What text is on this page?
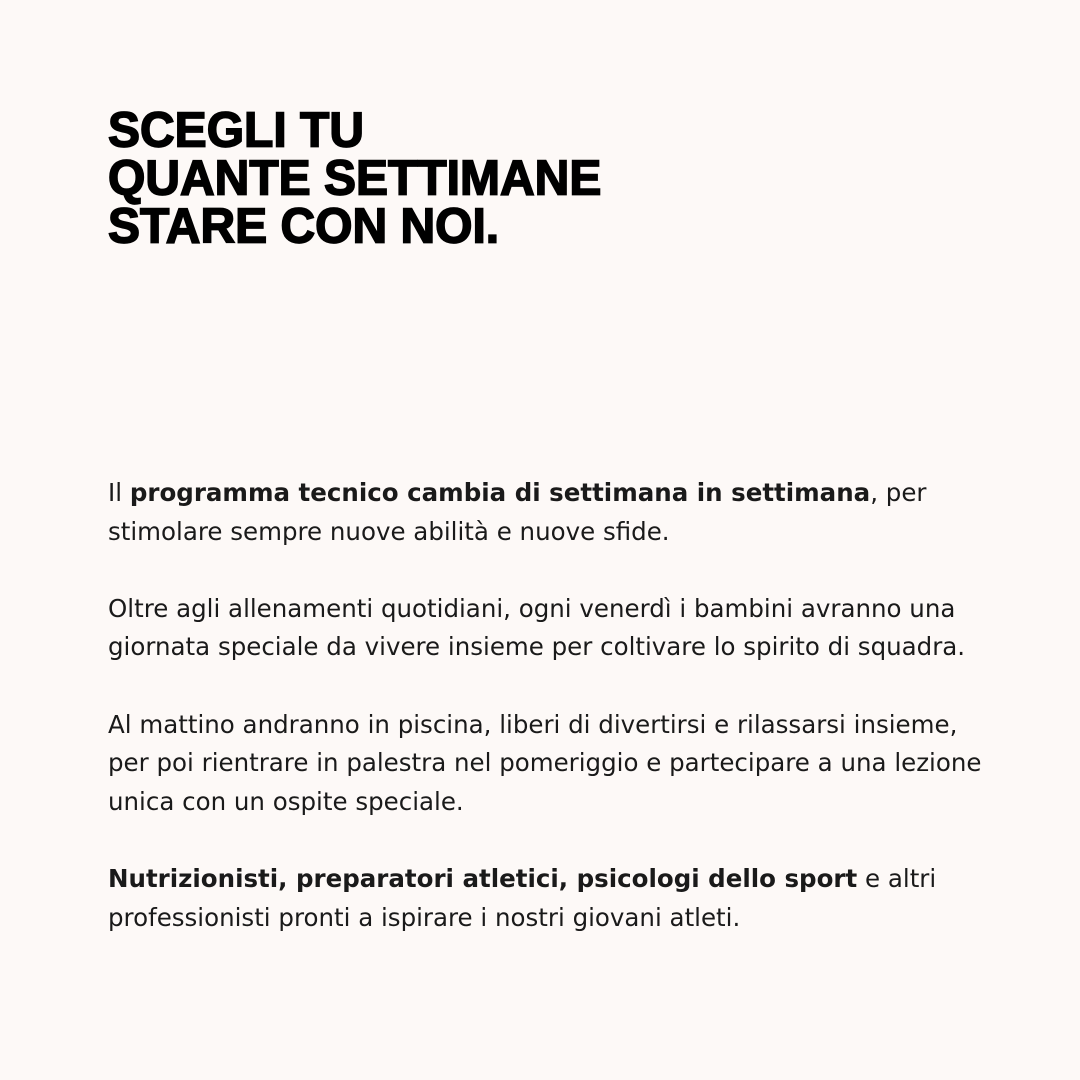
SCEGLI TU
QUANTE SETTIMANE
STARE CON NOI.

Il programma tecnico cambia di settimana in settimana, per stimolare sempre nuove abilità e nuove sfide.

Oltre agli allenamenti quotidiani, ogni venerdì i bambini avranno una giornata speciale da vivere insieme per coltivare lo spirito di squadra.

Al mattino andranno in piscina, liberi di divertirsi e rilassarsi insieme, per poi rientrare in palestra nel pomeriggio e partecipare a una lezione unica con un ospite speciale.

Nutrizionisti, preparatori atletici, psicologi dello sport e altri professionisti pronti a ispirare i nostri giovani atleti.
